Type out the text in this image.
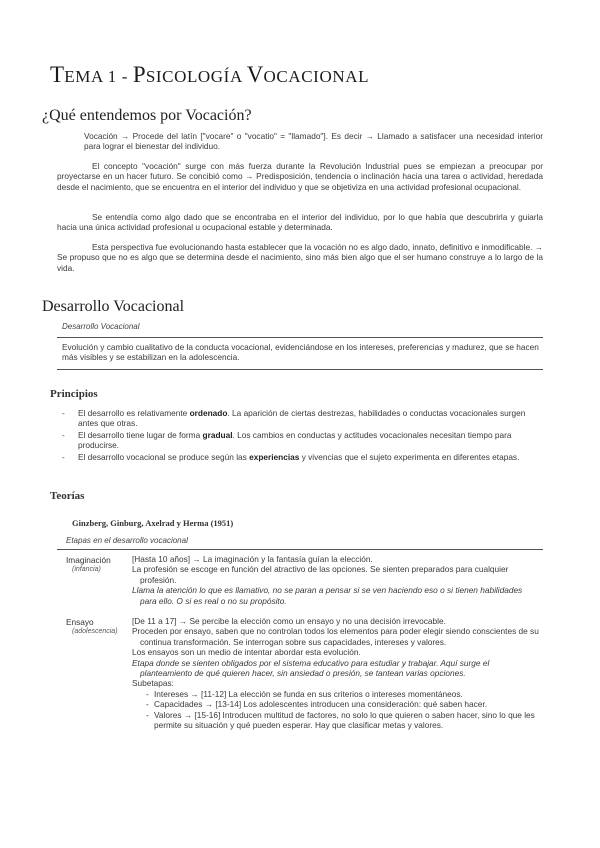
TEMA 1 - PSICOLOGÍA VOCACIONAL
¿Qué entendemos por Vocación?

Vocación → Procede del latín ["vocare" o "vocatio" = "llamado"]. Es decir → Llamado a satisfacer una necesidad interior para lograr el bienestar del individuo.

El concepto "vocación" surge con más fuerza durante la Revolución Industrial pues se empiezan a preocupar por proyectarse en un hacer futuro. Se concibió como → Predisposición, tendencia o inclinación hacia una tarea o actividad, heredada desde el nacimiento, que se encuentra en el interior del individuo y que se objetiviza en una actividad profesional ocupacional.

Se entendía como algo dado que se encontraba en el interior del individuo, por lo que había que descubrirla y guiarla hacia una única actividad profesional u ocupacional estable y determinada.

Esta perspectiva fue evolucionando hasta establecer que la vocación no es algo dado, innato, definitivo e inmodificable. → Se propuso que no es algo que se determina desde el nacimiento, sino más bien algo que el ser humano construye a lo largo de la vida.

Desarrollo Vocacional
Desarrollo Vocacional

Evolución y cambio cualitativo de la conducta vocacional, evidenciándose en los intereses, preferencias y madurez, que se hacen más visibles y se estabilizan en la adolescencia.

Principios
- El desarrollo es relativamente ordenado. La aparición de ciertas destrezas, habilidades o conductas vocacionales surgen antes que otras.
- El desarrollo tiene lugar de forma gradual. Los cambios en conductas y actitudes vocacionales necesitan tiempo para producirse.
- El desarrollo vocacional se produce según las experiencias y vivencias que el sujeto experimenta en diferentes etapas.
Teorías
Ginzberg, Ginburg, Axelrad y Herma (1951)
Etapas en el desarrollo vocacional
Imaginación
(infancia)

[Hasta 10 años] → La imaginación y la fantasía guían la elección.

La profesión se escoge en función del atractivo de las opciones. Se sienten preparados para cualquier profesión.

Llama la atención lo que es llamativo, no se paran a pensar si se ven haciendo eso o si tienen habilidades para ello. O si es real o no su propósito.

Ensayo
(adolescencia)

[De 11 a 17] → Se percibe la elección como un ensayo y no una decisión irrevocable.

Proceden por ensayo, saben que no controlan todos los elementos para poder elegir siendo conscientes de su continua transformación. Se interrogan sobre sus capacidades, intereses y valores.

Los ensayos son un medio de intentar abordar esta evolución.

Etapa donde se sienten obligados por el sistema educativo para estudiar y trabajar. Aquí surge el planteamiento de qué quieren hacer, sin ansiedad o presión, se tantean varias opciones.

Subetapas:

- Intereses → [11-12] La elección se funda en sus criterios o intereses momentáneos.
- Capacidades → [13-14] Los adolescentes introducen una consideración: qué saben hacer.
- Valores → [15-16] Introducen multitud de factores, no solo lo que quieren o saben hacer, sino lo que les permite su situación y qué pueden esperar. Hay que clasificar metas y valores.
